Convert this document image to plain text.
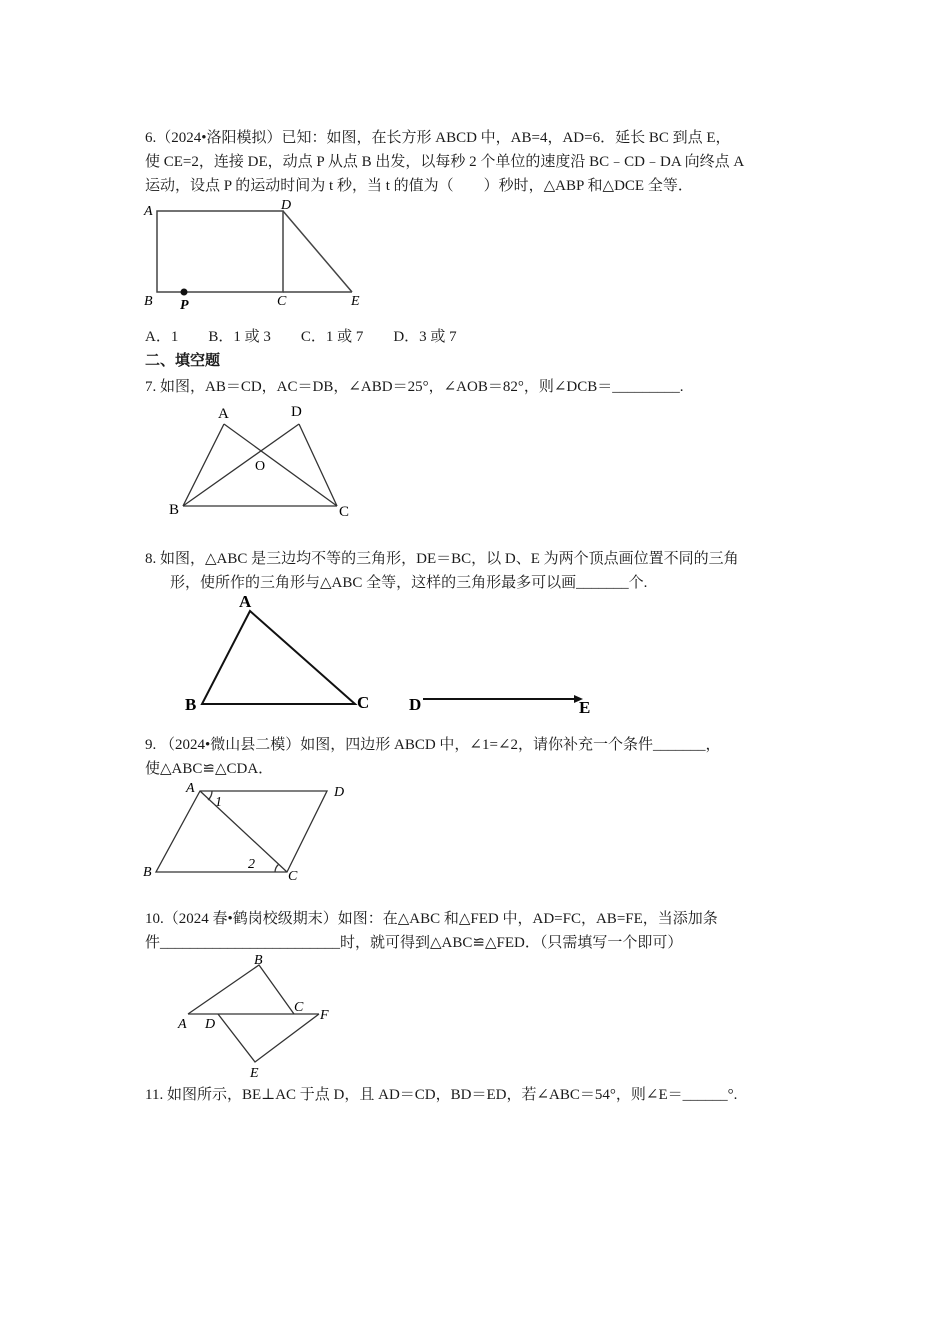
6.（2024•洛阳模拟）已知：如图，在长方形 ABCD 中，AB=4，AD=6．延长 BC 到点 E，
使 CE=2，连接 DE，动点 P 从点 B 出发，以每秒 2 个单位的速度沿 BC﹣CD﹣DA 向终点 A
运动，设点 P 的运动时间为 t 秒，当 t 的值为（　　）秒时，△ABP 和△DCE 全等．
A
B	C
D
E
P
A．1　　B．1 或 3　　C．1 或 7　　D．3 或 7
二、填空题
7. 如图，AB＝CD，AC＝DB，∠ABD＝25°，∠AOB＝82°，则∠DCB＝_________.
A
B	C
D
O
8. 如图，△ABC 是三边均不等的三角形，DE＝BC，以 D、E 为两个顶点画位置不同的三角
形，使所作的三角形与△ABC 全等，这样的三角形最多可以画_______个.
A
B	C D	E
9. （2024•微山县二模）如图，四边形 ABCD 中，∠1=∠2，请你补充一个条件_______，
使△ABC≌△CDA．
A
B	C
D
1
2
10.（2024 春•鹤岗校级期末）如图：在△ABC 和△FED 中，AD=FC，AB=FE，当添加条
件________________________时，就可得到△ABC≌△FED．（只需填写一个即可）
A
B
C
D
E
F
11. 如图所示，BE⊥AC 于点 D，且 AD＝CD，BD＝ED，若∠ABC＝54°，则∠E＝______°.
